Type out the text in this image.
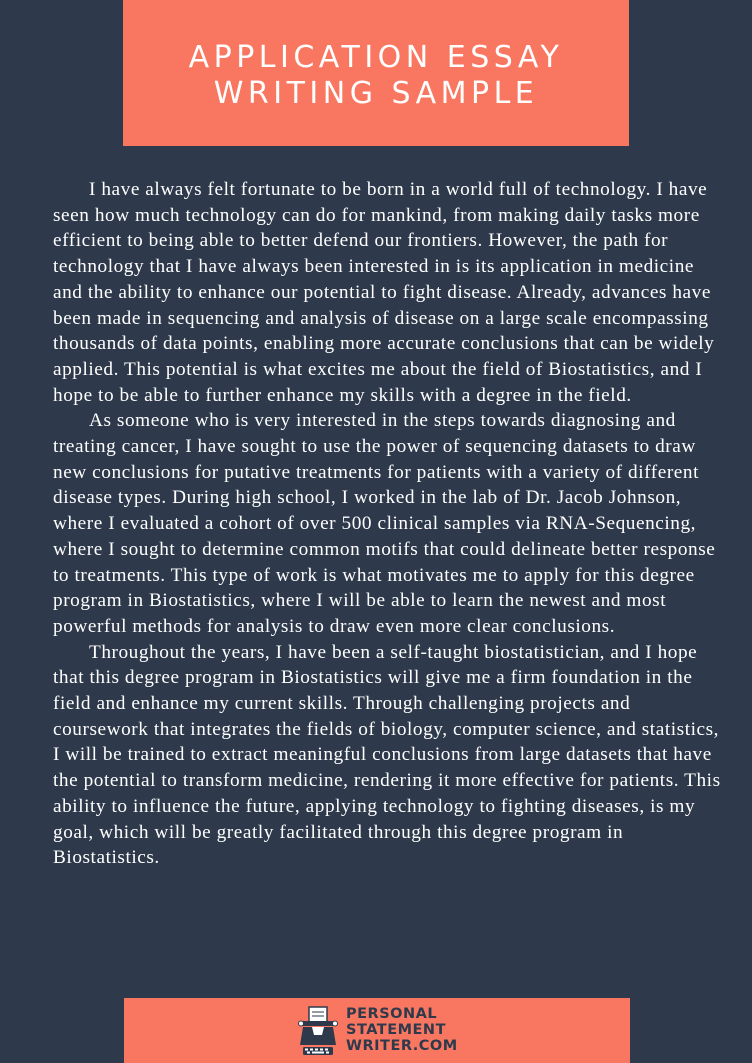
APPLICATION ESSAY
WRITING SAMPLE

I have always felt fortunate to be born in a world full of technology. I have seen how much technology can do for mankind, from making daily tasks more efficient to being able to better defend our frontiers. However, the path for technology that I have always been interested in is its application in medicine and the ability to enhance our potential to fight disease. Already, advances have been made in sequencing and analysis of disease on a large scale encompassing thousands of data points, enabling more accurate conclusions that can be widely applied. This potential is what excites me about the field of Biostatistics, and I hope to be able to further enhance my skills with a degree in the field.

As someone who is very interested in the steps towards diagnosing and treating cancer, I have sought to use the power of sequencing datasets to draw new conclusions for putative treatments for patients with a variety of different disease types. During high school, I worked in the lab of Dr. Jacob Johnson, where I evaluated a cohort of over 500 clinical samples via RNA-Sequencing, where I sought to determine common motifs that could delineate better response to treatments. This type of work is what motivates me to apply for this degree program in Biostatistics, where I will be able to learn the newest and most powerful methods for analysis to draw even more clear conclusions.

Throughout the years, I have been a self-taught biostatistician, and I hope that this degree program in Biostatistics will give me a firm foundation in the field and enhance my current skills. Through challenging projects and coursework that integrates the fields of biology, computer science, and statistics, I will be trained to extract meaningful conclusions from large datasets that have the potential to transform medicine, rendering it more effective for patients. This ability to influence the future, applying technology to fighting diseases, is my goal, which will be greatly facilitated through this degree program in Biostatistics.

PERSONAL
STATEMENT
WRITER.COM
